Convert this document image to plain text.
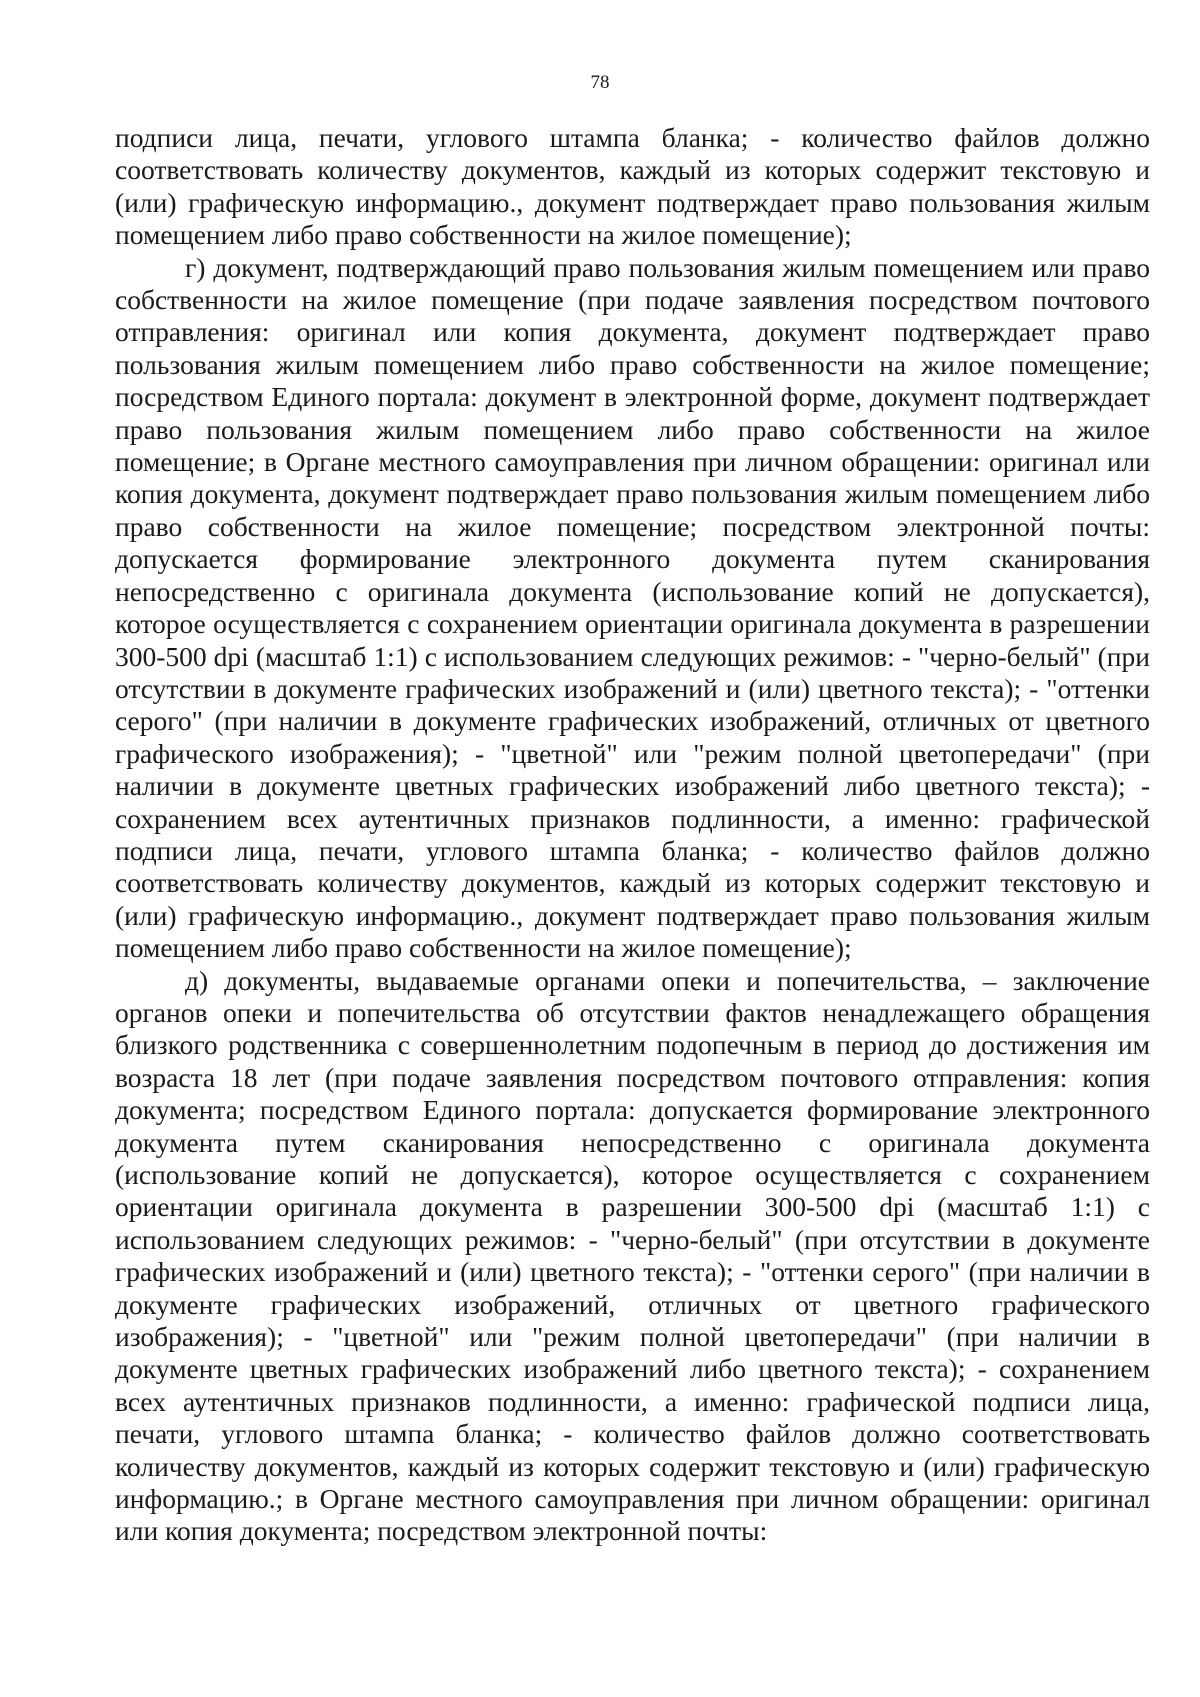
78

подписи лица, печати, углового штампа бланка; - количество файлов должно соответствовать количеству документов, каждый из которых содержит текстовую и (или) графическую информацию., документ подтверждает право пользования жилым помещением либо право собственности на жилое помещение);

г) документ, подтверждающий право пользования жилым помещением или право собственности на жилое помещение (при подаче заявления посредством почтового отправления: оригинал или копия документа, документ подтверждает право пользования жилым помещением либо право собственности на жилое помещение; посредством Единого портала: документ в электронной форме, документ подтверждает право пользования жилым помещением либо право собственности на жилое помещение; в Органе местного самоуправления при личном обращении: оригинал или копия документа, документ подтверждает право пользования жилым помещением либо право собственности на жилое помещение; посредством электронной почты: допускается формирование электронного документа путем сканирования непосредственно с оригинала документа (использование копий не допускается), которое осуществляется с сохранением ориентации оригинала документа в разрешении 300-500 dpi (масштаб 1:1) с использованием следующих режимов: - "черно-белый" (при отсутствии в документе графических изображений и (или) цветного текста); - "оттенки серого" (при наличии в документе графических изображений, отличных от цветного графического изображения); - "цветной" или "режим полной цветопередачи" (при наличии в документе цветных графических изображений либо цветного текста); - сохранением всех аутентичных признаков подлинности, а именно: графической подписи лица, печати, углового штампа бланка; - количество файлов должно соответствовать количеству документов, каждый из которых содержит текстовую и (или) графическую информацию., документ подтверждает право пользования жилым помещением либо право собственности на жилое помещение);

д) документы, выдаваемые органами опеки и попечительства, – заключение органов опеки и попечительства об отсутствии фактов ненадлежащего обращения близкого родственника с совершеннолетним подопечным в период до достижения им возраста 18 лет (при подаче заявления посредством почтового отправления: копия документа; посредством Единого портала: допускается формирование электронного документа путем сканирования непосредственно с оригинала документа (использование копий не допускается), которое осуществляется с сохранением ориентации оригинала документа в разрешении 300-500 dpi (масштаб 1:1) с использованием следующих режимов: - "черно-белый" (при отсутствии в документе графических изображений и (или) цветного текста); - "оттенки серого" (при наличии в документе графических изображений, отличных от цветного графического изображения); - "цветной" или "режим полной цветопередачи" (при наличии в документе цветных графических изображений либо цветного текста); - сохранением всех аутентичных признаков подлинности, а именно: графической подписи лица, печати, углового штампа бланка; - количество файлов должно соответствовать количеству документов, каждый из которых содержит текстовую и (или) графическую информацию.; в Органе местного самоуправления при личном обращении: оригинал или копия документа; посредством электронной почты:
